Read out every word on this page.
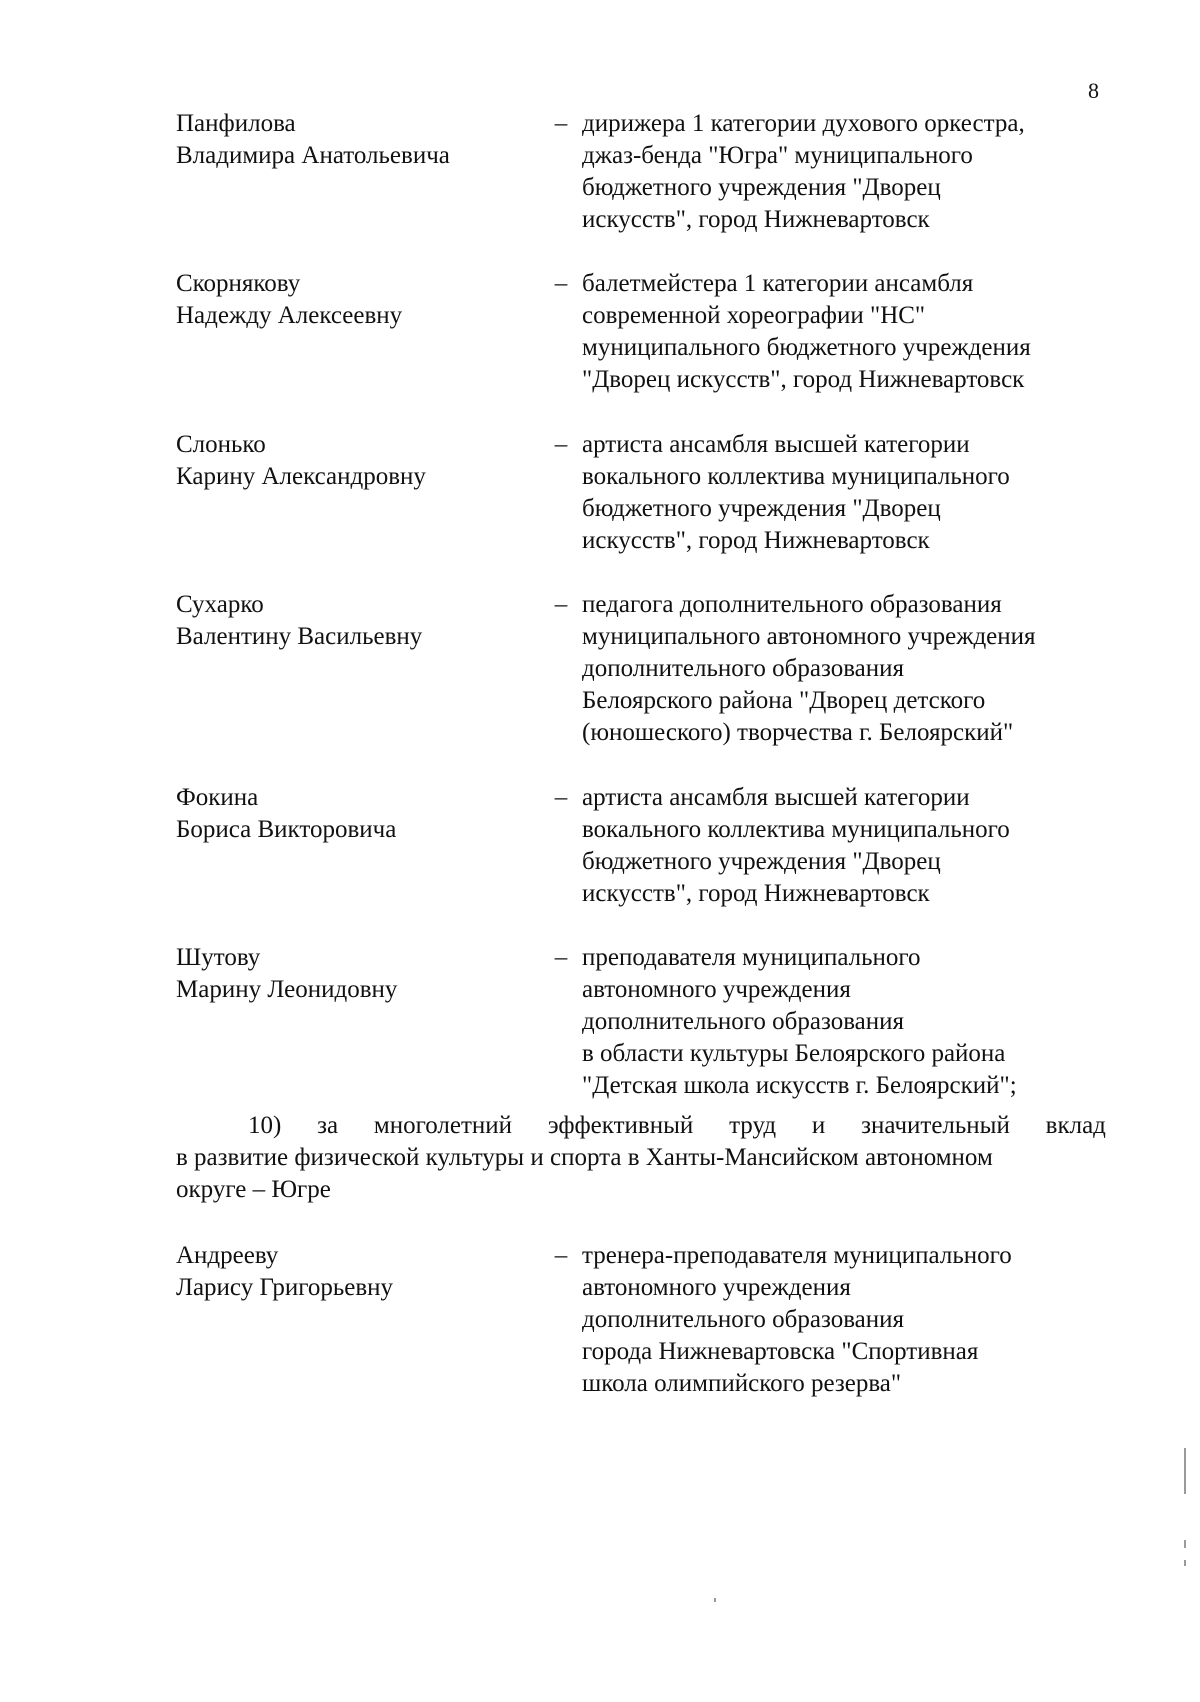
8
Панфилова
Владимира Анатольевича
– дирижера 1 категории духового оркестра,
джаз-бенда "Югра" муниципального
бюджетного учреждения "Дворец
искусств", город Нижневартовск
Скорнякову
Надежду Алексеевну
– балетмейстера 1 категории ансамбля
современной хореографии "НС"
муниципального бюджетного учреждения
"Дворец искусств", город Нижневартовск
Слонько
Карину Александровну
– артиста ансамбля высшей категории
вокального коллектива муниципального
бюджетного учреждения "Дворец
искусств", город Нижневартовск
Сухарко
Валентину Васильевну
– педагога дополнительного образования
муниципального автономного учреждения
дополнительного образования
Белоярского района "Дворец детского
(юношеского) творчества г. Белоярский"
Фокина
Бориса Викторовича
– артиста ансамбля высшей категории
вокального коллектива муниципального
бюджетного учреждения "Дворец
искусств", город Нижневартовск
Шутову
Марину Леонидовну
– преподавателя муниципального
автономного учреждения
дополнительного образования
в области культуры Белоярского района
"Детская школа искусств г. Белоярский";
10) за многолетний эффективный труд и значительный вклад
в развитие физической культуры и спорта в Ханты-Мансийском автономном
округе – Югре
Андрееву
Ларису Григорьевну
– тренера-преподавателя муниципального
автономного учреждения
дополнительного образования
города Нижневартовска "Спортивная
школа олимпийского резерва"
